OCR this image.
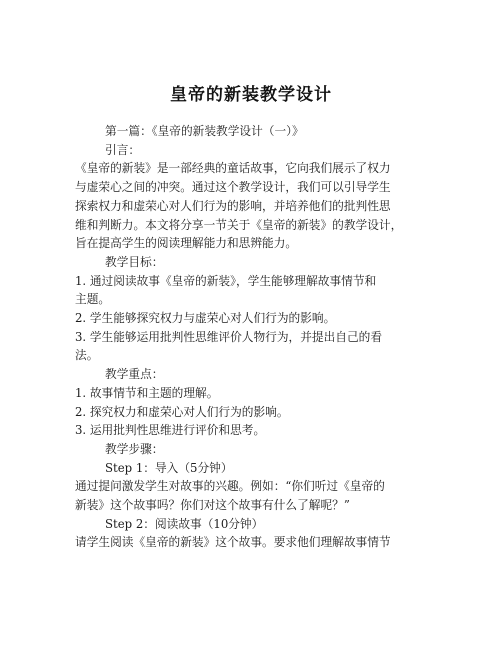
皇帝的新装教学设计

第一篇：《皇帝的新装教学设计（一）》

引言：

《皇帝的新装》是一部经典的童话故事，它向我们展示了权力

与虚荣心之间的冲突。通过这个教学设计，我们可以引导学生

探索权力和虚荣心对人们行为的影响，并培养他们的批判性思

维和判断力。本文将分享一节关于《皇帝的新装》的教学设计，

旨在提高学生的阅读理解能力和思辨能力。

教学目标：

1. 通过阅读故事《皇帝的新装》，学生能够理解故事情节和

主题。

2. 学生能够探究权力与虚荣心对人们行为的影响。

3. 学生能够运用批判性思维评价人物行为，并提出自己的看

法。

教学重点：

1. 故事情节和主题的理解。

2. 探究权力和虚荣心对人们行为的影响。

3. 运用批判性思维进行评价和思考。

教学步骤：

Step 1：导入（5分钟）

通过提问激发学生对故事的兴趣。例如：“你们听过《皇帝的

新装》这个故事吗？你们对这个故事有什么了解呢？”

Step 2：阅读故事（10分钟）

请学生阅读《皇帝的新装》这个故事。要求他们理解故事情节
